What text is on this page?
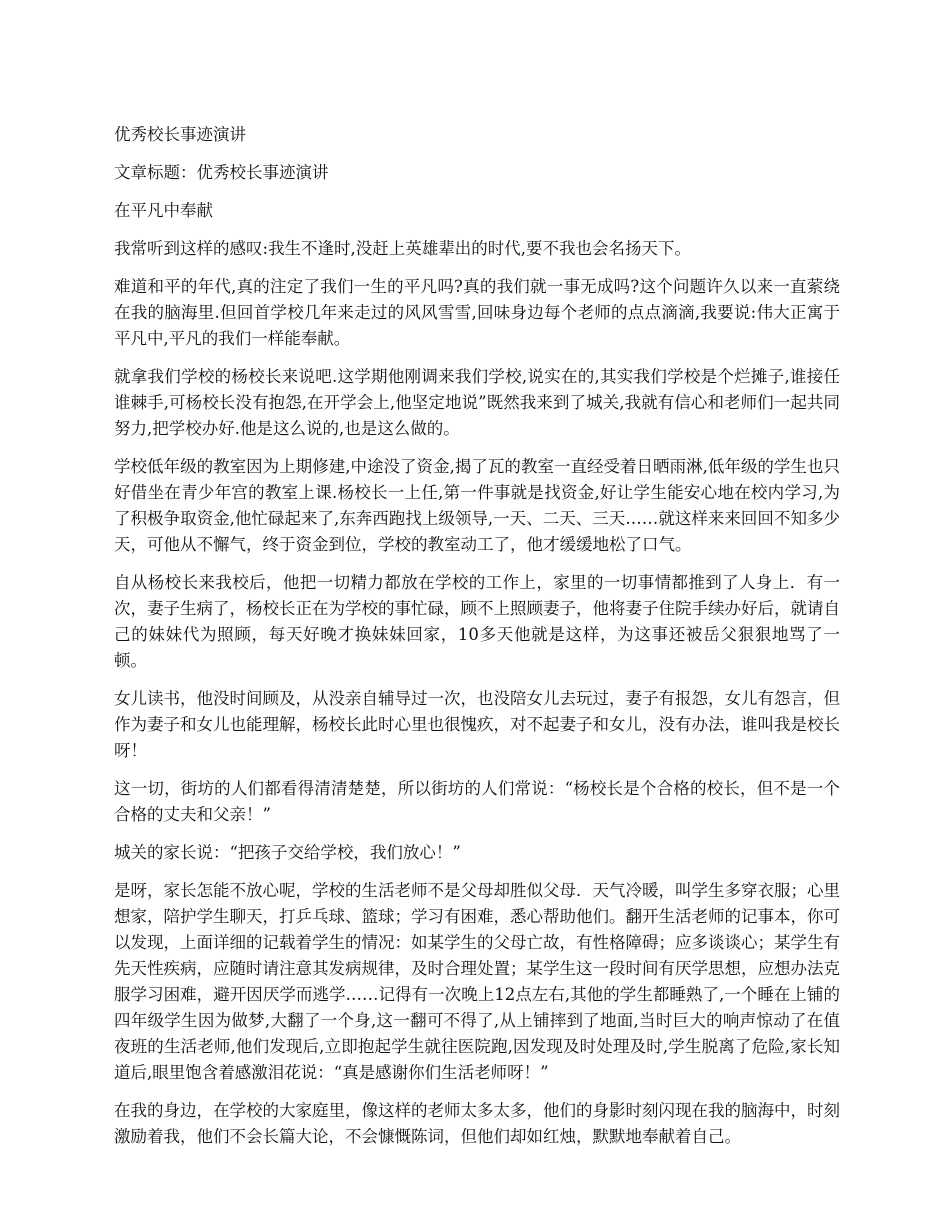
优秀校长事迹演讲
文章标题：优秀校长事迹演讲
在平凡中奉献
我常听到这样的感叹:我生不逢时,没赶上英雄辈出的时代,要不我也会名扬天下。
难道和平的年代,真的注定了我们一生的平凡吗?真的我们就一事无成吗?这个问题许久以来一直萦绕在我的脑海里.但回首学校几年来走过的风风雪雪,回味身边每个老师的点点滴滴,我要说:伟大正寓于平凡中,平凡的我们一样能奉献。
就拿我们学校的杨校长来说吧.这学期他刚调来我们学校,说实在的,其实我们学校是个烂摊子,谁接任谁棘手,可杨校长没有抱怨,在开学会上,他坚定地说”既然我来到了城关,我就有信心和老师们一起共同努力,把学校办好.他是这么说的,也是这么做的。
学校低年级的教室因为上期修建,中途没了资金,揭了瓦的教室一直经受着日晒雨淋,低年级的学生也只好借坐在青少年宫的教室上课.杨校长一上任,第一件事就是找资金,好让学生能安心地在校内学习,为了积极争取资金,他忙碌起来了,东奔西跑找上级领导,一天、二天、三天……就这样来来回回不知多少天，可他从不懈气，终于资金到位，学校的教室动工了，他才缓缓地松了口气。
自从杨校长来我校后，他把一切精力都放在学校的工作上，家里的一切事情都推到了人身上．有一次，妻子生病了，杨校长正在为学校的事忙碌，顾不上照顾妻子，他将妻子住院手续办好后，就请自己的妹妹代为照顾，每天好晚才换妹妹回家，10多天他就是这样，为这事还被岳父狠狠地骂了一顿。
女儿读书，他没时间顾及，从没亲自辅导过一次，也没陪女儿去玩过，妻子有报怨，女儿有怨言，但作为妻子和女儿也能理解，杨校长此时心里也很愧疚，对不起妻子和女儿，没有办法，谁叫我是校长呀！
这一切，街坊的人们都看得清清楚楚，所以街坊的人们常说：“杨校长是个合格的校长，但不是一个合格的丈夫和父亲！”
城关的家长说：“把孩子交给学校，我们放心！”
是呀，家长怎能不放心呢，学校的生活老师不是父母却胜似父母．天气冷暖，叫学生多穿衣服；心里想家，陪护学生聊天，打乒乓球、篮球；学习有困难，悉心帮助他们。翻开生活老师的记事本，你可以发现，上面详细的记载着学生的情况：如某学生的父母亡故，有性格障碍；应多谈谈心；某学生有先天性疾病，应随时请注意其发病规律，及时合理处置；某学生这一段时间有厌学思想，应想办法克服学习困难，避开因厌学而逃学……记得有一次晚上12点左右,其他的学生都睡熟了,一个睡在上铺的四年级学生因为做梦,大翻了一个身,这一翻可不得了,从上铺摔到了地面,当时巨大的响声惊动了在值夜班的生活老师,他们发现后,立即抱起学生就往医院跑,因发现及时处理及时,学生脱离了危险,家长知道后,眼里饱含着感激泪花说：“真是感谢你们生活老师呀！”
在我的身边，在学校的大家庭里，像这样的老师太多太多，他们的身影时刻闪现在我的脑海中，时刻激励着我，他们不会长篇大论，不会慷慨陈词，但他们却如红烛，默默地奉献着自己。
